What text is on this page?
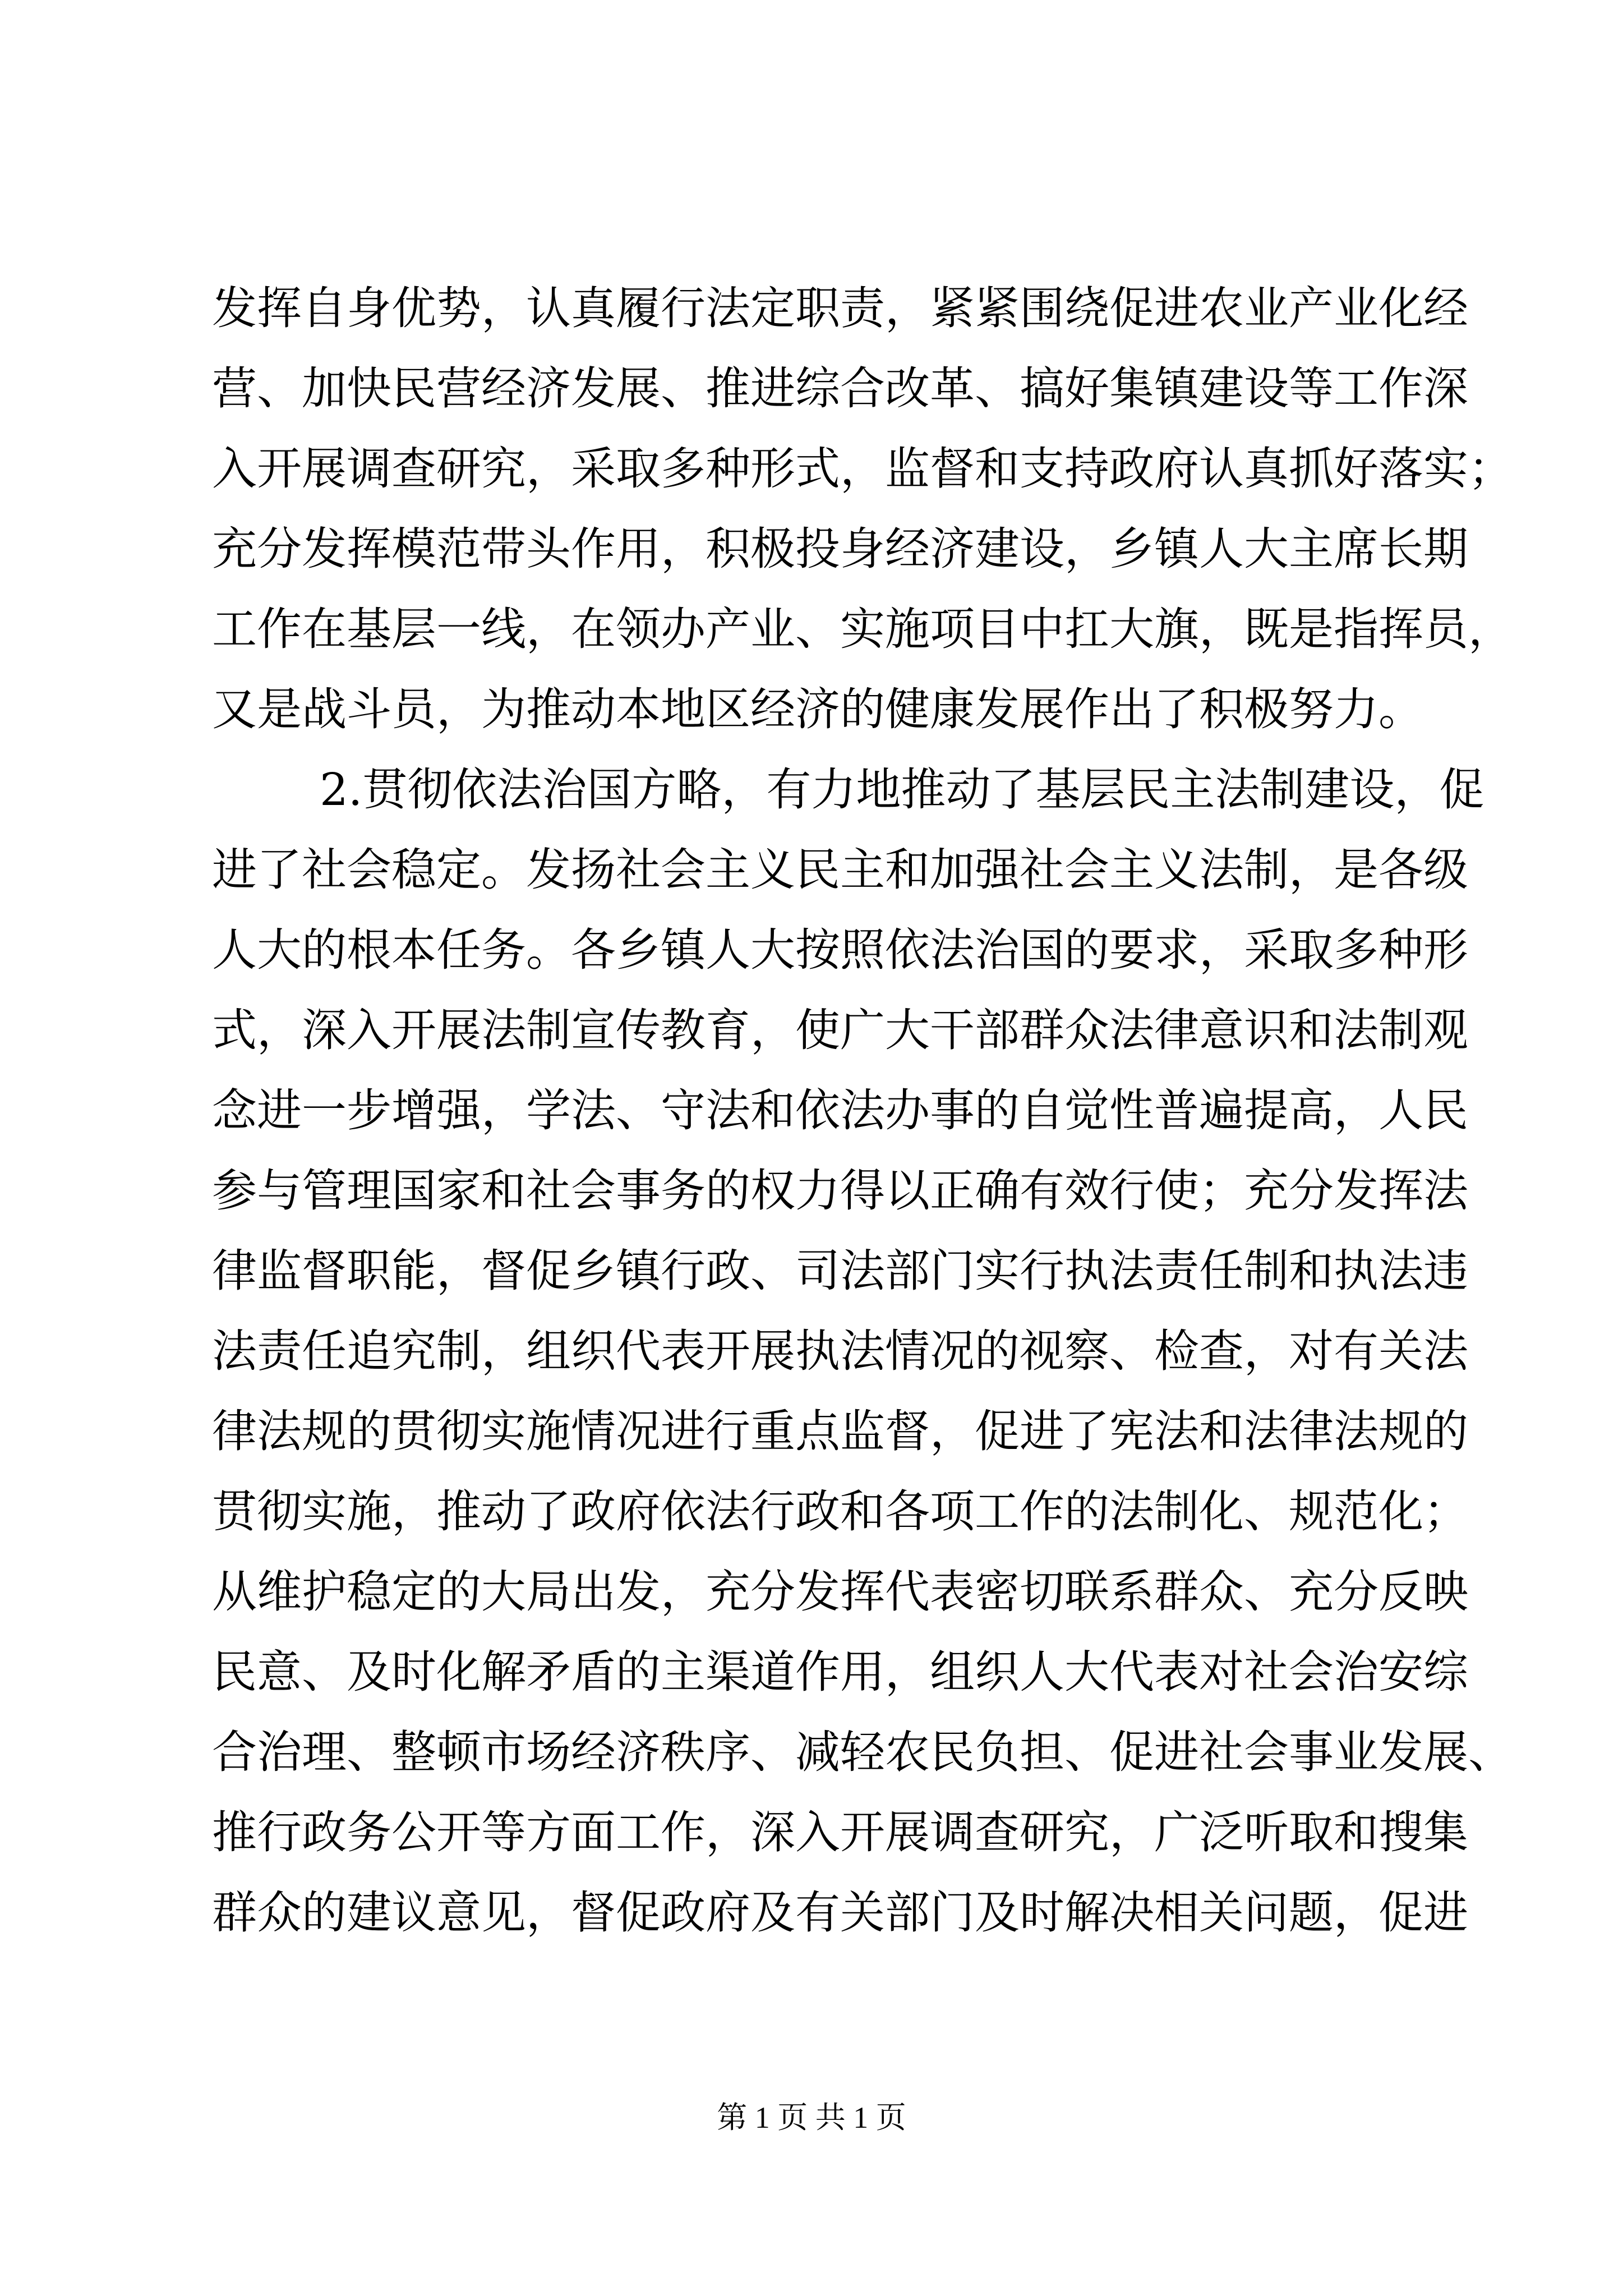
发挥自身优势，认真履行法定职责，紧紧围绕促进农业产业化经
营、加快民营经济发展、推进综合改革、搞好集镇建设等工作深
入开展调查研究，采取多种形式，监督和支持政府认真抓好落实；
充分发挥模范带头作用，积极投身经济建设，乡镇人大主席长期
工作在基层一线，在领办产业、实施项目中扛大旗，既是指挥员，
又是战斗员，为推动本地区经济的健康发展作出了积极努力。
2.贯彻依法治国方略，有力地推动了基层民主法制建设，促
进了社会稳定。发扬社会主义民主和加强社会主义法制，是各级
人大的根本任务。各乡镇人大按照依法治国的要求，采取多种形
式，深入开展法制宣传教育，使广大干部群众法律意识和法制观
念进一步增强，学法、守法和依法办事的自觉性普遍提高，人民
参与管理国家和社会事务的权力得以正确有效行使；充分发挥法
律监督职能，督促乡镇行政、司法部门实行执法责任制和执法违
法责任追究制，组织代表开展执法情况的视察、检查，对有关法
律法规的贯彻实施情况进行重点监督，促进了宪法和法律法规的
贯彻实施，推动了政府依法行政和各项工作的法制化、规范化；
从维护稳定的大局出发，充分发挥代表密切联系群众、充分反映
民意、及时化解矛盾的主渠道作用，组织人大代表对社会治安综
合治理、整顿市场经济秩序、减轻农民负担、促进社会事业发展、
推行政务公开等方面工作，深入开展调查研究，广泛听取和搜集
群众的建议意见，督促政府及有关部门及时解决相关问题，促进
第 1 页 共 1 页
